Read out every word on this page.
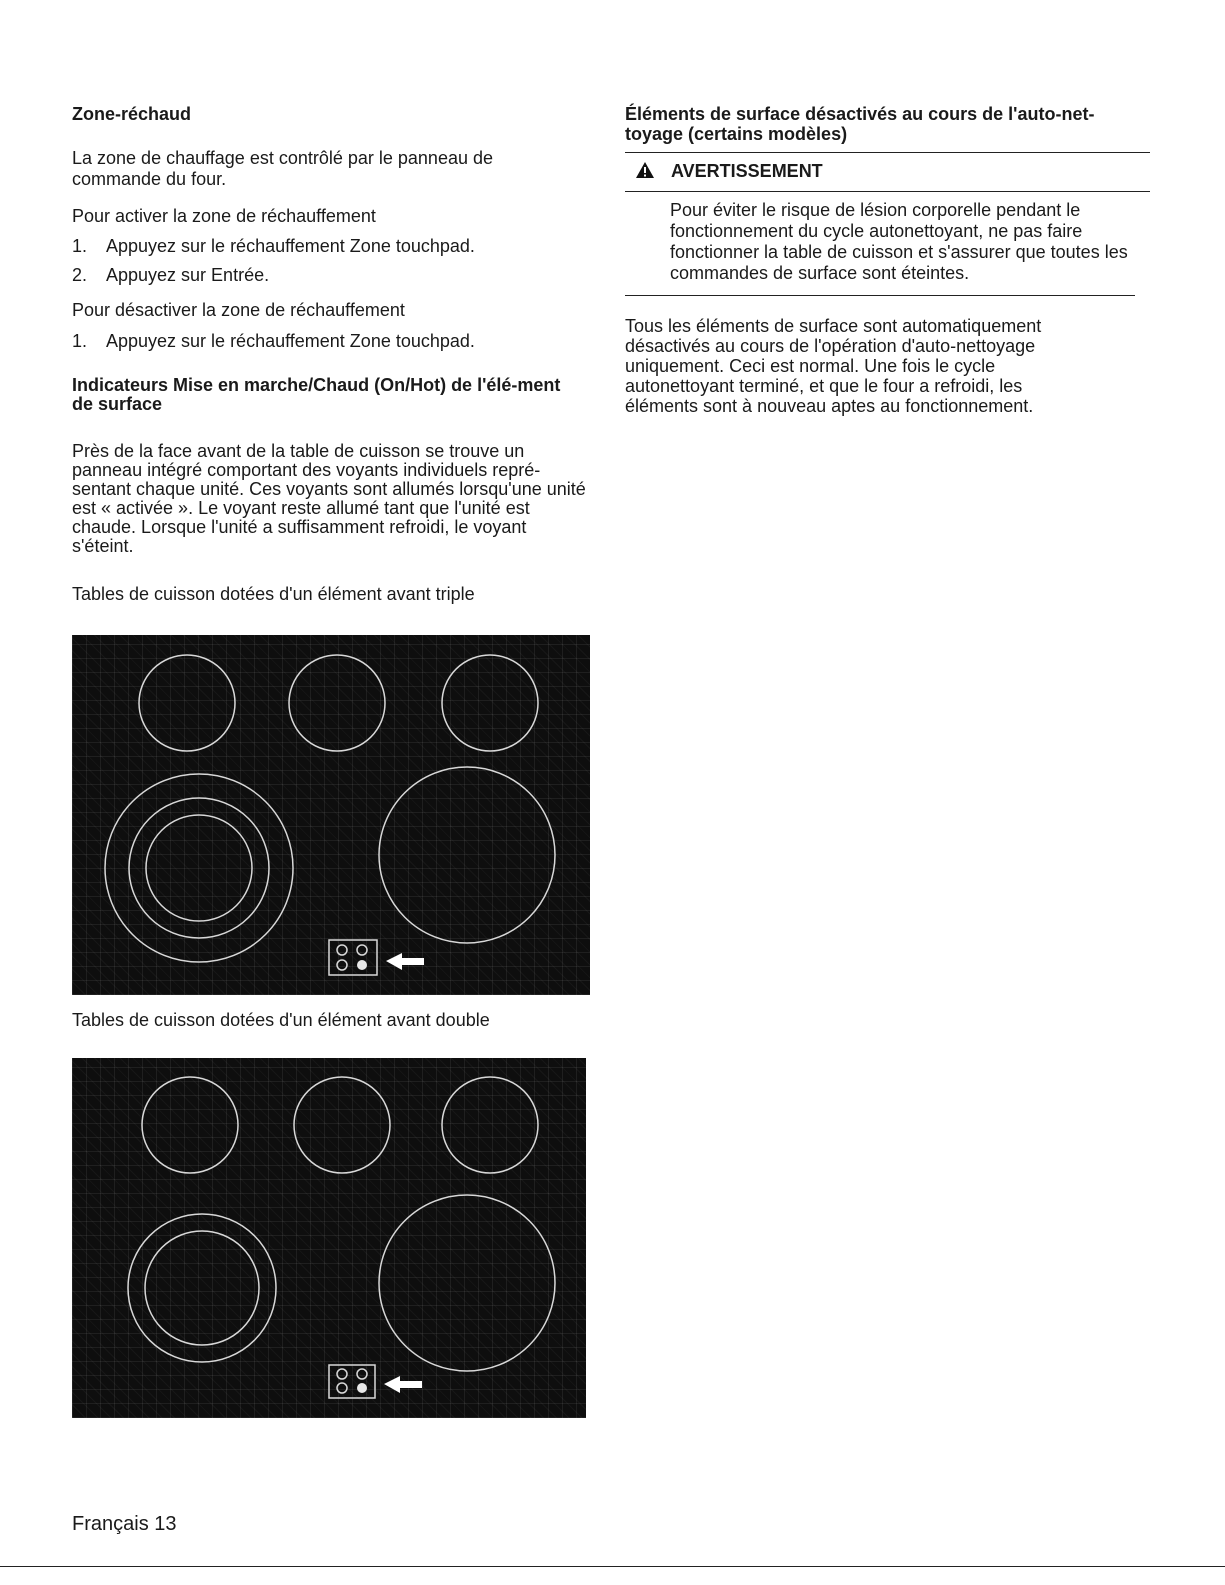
Zone-réchaud

La zone de chauffage est contrôlé par le panneau de commande du four.

Pour activer la zone de réchauffement

1. Appuyez sur le réchauffement Zone touchpad.
2. Appuyez sur Entrée.

Pour désactiver la zone de réchauffement

1. Appuyez sur le réchauffement Zone touchpad.
Indicateurs Mise en marche/Chaud (On/Hot) de l'élé-ment de surface

Près de la face avant de la table de cuisson se trouve un panneau intégré comportant des voyants individuels repré-sentant chaque unité. Ces voyants sont allumés lorsqu'une unité est « activée ». Le voyant reste allumé tant que l'unité est chaude. Lorsque l'unité a suffisamment refroidi, le voyant s'éteint.

Tables de cuisson dotées d'un élément avant triple

Tables de cuisson dotées d'un élément avant double

Éléments de surface désactivés au cours de l'auto-net-toyage (certains modèles)
AVERTISSEMENT

Pour éviter le risque de lésion corporelle pendant le fonctionnement du cycle autonettoyant, ne pas faire fonctionner la table de cuisson et s'assurer que toutes les commandes de surface sont éteintes.

Tous les éléments de surface sont automatiquement désactivés au cours de l'opération d'auto-nettoyage uniquement. Ceci est normal. Une fois le cycle autonettoyant terminé, et que le four a refroidi, les éléments sont à nouveau aptes au fonctionnement.

Français 13
